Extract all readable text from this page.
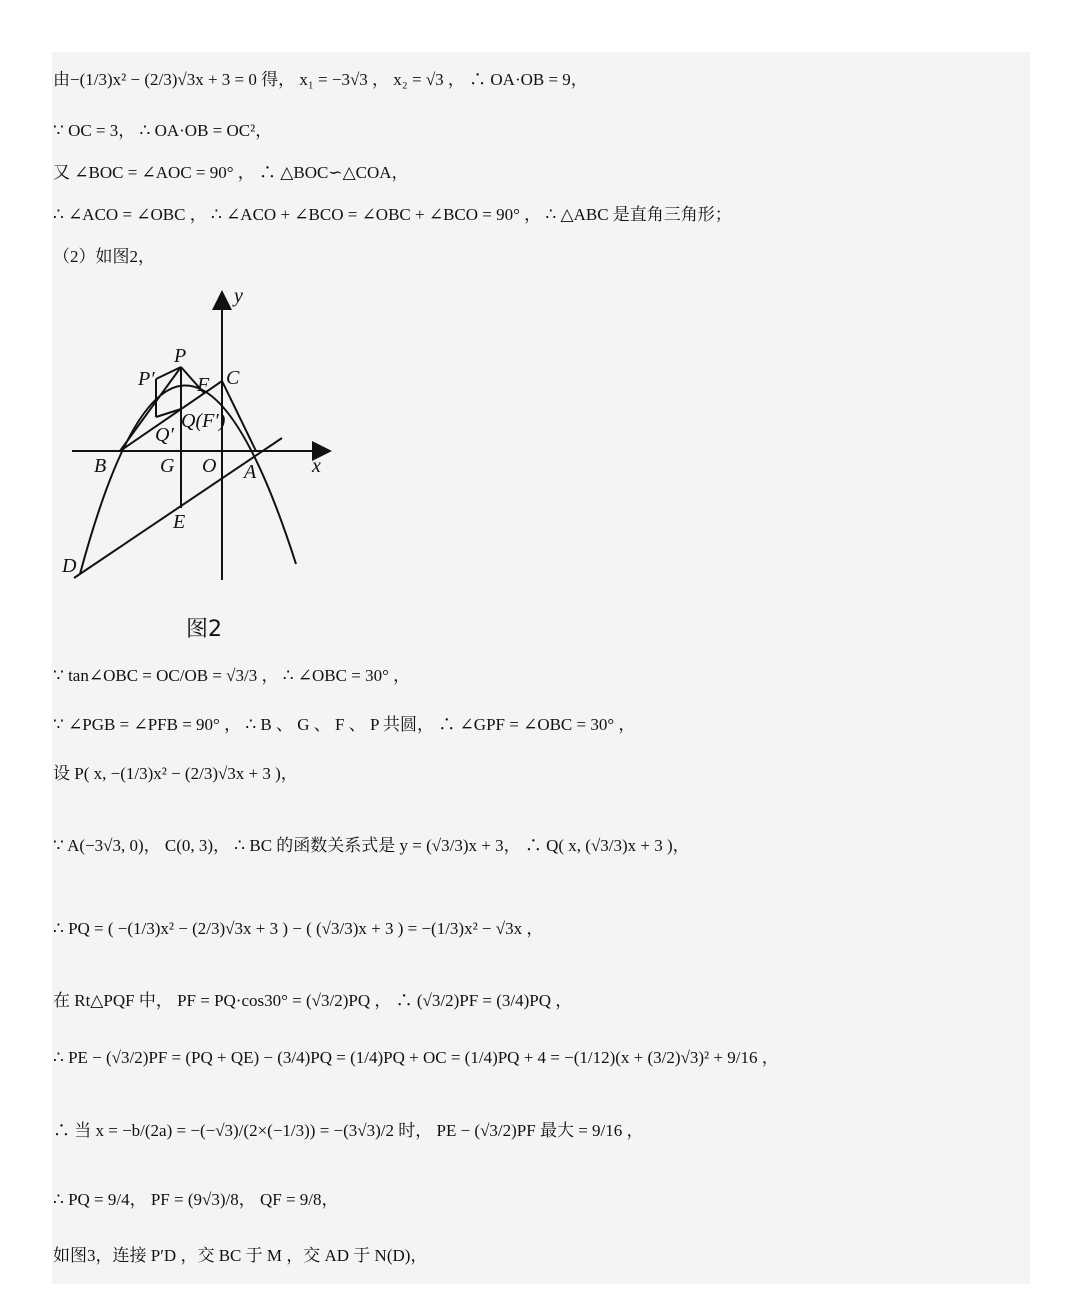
由−(1/3)x² − (2/3)√3x + 3 = 0 得， x₁ = −3√3 ， x₂ = √3 ， ∴ OA·OB = 9，
∵ OC = 3， ∴ OA·OB = OC²，
又 ∠BOC = ∠AOC = 90° ， ∴ △BOC∽△COA，
∴ ∠ACO = ∠OBC ， ∴ ∠ACO + ∠BCO = ∠OBC + ∠BCO = 90° ， ∴ △ABC 是直角三角形；
（2）如图2，
y
x
P
P′ F C
Q′
Q(F′)
B	G O A
E
D
图2
∵ tan∠OBC = OC/OB = √3/3 ， ∴ ∠OBC = 30° ，
∵ ∠PGB = ∠PFB = 90° ， ∴ B 、 G 、 F 、 P 共圆， ∴ ∠GPF = ∠OBC = 30° ，
设 P( x, −(1/3)x² − (2/3)√3x + 3 )，
∵ A(−3√3, 0)， C(0, 3)， ∴ BC 的函数关系式是 y = (√3/3)x + 3， ∴ Q( x, (√3/3)x + 3 )，
∴ PQ = ( −(1/3)x² − (2/3)√3x + 3 ) − ( (√3/3)x + 3 ) = −(1/3)x² − √3x ，
在 Rt△PQF 中， PF = PQ·cos30° = (√3/2)PQ ， ∴ (√3/2)PF = (3/4)PQ ，
∴ PE − (√3/2)PF = (PQ + QE) − (3/4)PQ = (1/4)PQ + OC = (1/4)PQ + 4 = −(1/12)(x + (3/2)√3)² + 9/16 ，
∴ 当 x = −b/(2a) = −(−√3)/(2×(−1/3)) = −(3√3)/2 时， PE − (√3/2)PF 最大 = 9/16 ，
∴ PQ = 9/4， PF = (9√3)/8， QF = 9/8，
如图3，连接 P′D ，交 BC 于 M ，交 AD 于 N(D)，
